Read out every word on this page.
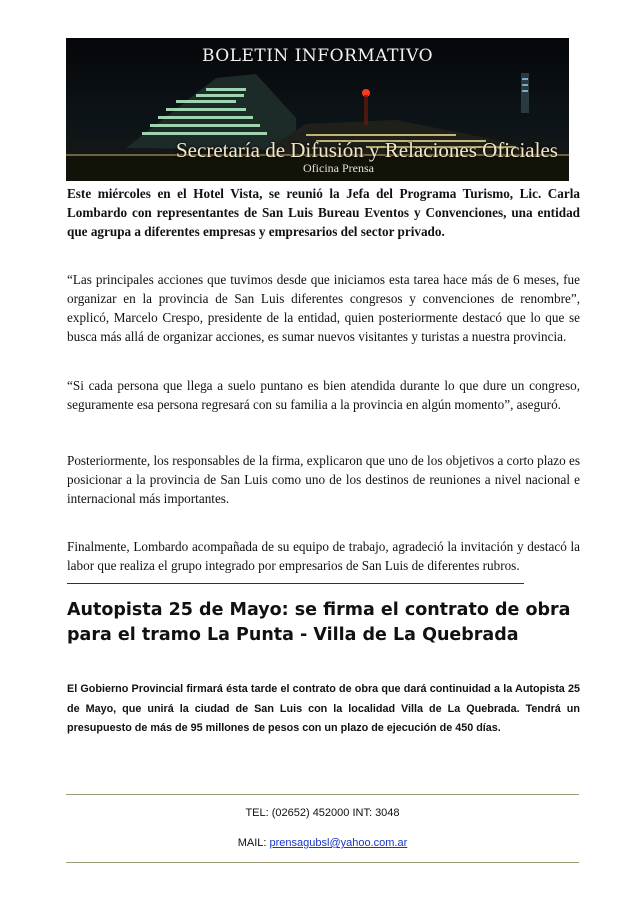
BOLETIN INFORMATIVO
Secretaría de Difusión y Relaciones Oficiales
Oficina Prensa

Este miércoles en el Hotel Vista, se reunió la Jefa del Programa Turismo, Lic. Carla Lombardo con representantes de San Luis Bureau Eventos y Convenciones, una entidad que agrupa a diferentes empresas y empresarios del sector privado.

“Las principales acciones que tuvimos desde que iniciamos esta tarea hace más de 6 meses, fue organizar en la provincia de San Luis diferentes congresos y convenciones de renombre”, explicó, Marcelo Crespo, presidente de la entidad, quien posteriormente destacó que lo que se busca más allá de organizar acciones, es sumar nuevos visitantes y turistas a nuestra provincia.

“Si cada persona que llega a suelo puntano es bien atendida durante lo que dure un congreso, seguramente esa persona regresará con su familia a la provincia en algún momento”, aseguró.

Posteriormente, los responsables de la firma, explicaron que uno de los objetivos a corto plazo es posicionar a la provincia de San Luis como uno de los destinos de reuniones a nivel nacional e internacional más importantes.

Finalmente, Lombardo acompañada de su equipo de trabajo, agradeció la invitación y destacó la labor que realiza el grupo integrado por empresarios de San Luis de diferentes rubros.

Autopista 25 de Mayo: se firma el contrato de obra para el tramo La Punta - Villa de La Quebrada

El Gobierno Provincial firmará ésta tarde el contrato de obra que dará continuidad a la Autopista 25 de Mayo, que unirá la ciudad de San Luis con la localidad Villa de La Quebrada. Tendrá un presupuesto de más de 95 millones de pesos con un plazo de ejecución de 450 días.

TEL: (02652) 452000 INT: 3048
MAIL: prensagubsl@yahoo.com.ar
